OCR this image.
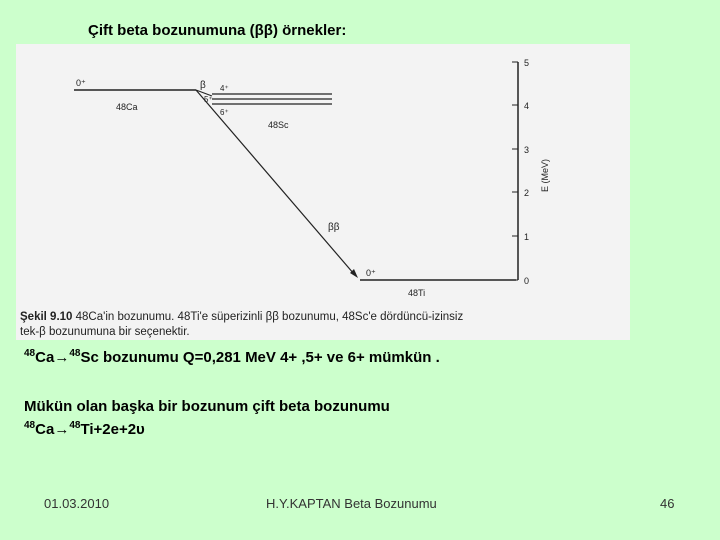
Çift beta bozunumuna (ββ) örnekler:
5
4
3
2
1
0
E (MeV)
0⁺
48Ca
β 4⁺
5⁺
6⁺
48Sc
ββ
0⁺
48Ti
Şekil 9.10 48Ca'in bozunumu. 48Ti'e süperizinli ββ bozunumu, 48Sc'e dördüncü-izinsiz
tek-β bozunumuna bir seçenektir.
$^{48}$Ca→$^{48}$Sc bozunumu Q=0,281 MeV 4+ ,5+ ve 6+ mümkün .
Mükün olan başka bir bozunum çift beta bozunumu
$^{48}$Ca→$^{48}$Ti+2e+2υ
01.03.2010	H.Y.KAPTAN Beta Bozunumu	46
